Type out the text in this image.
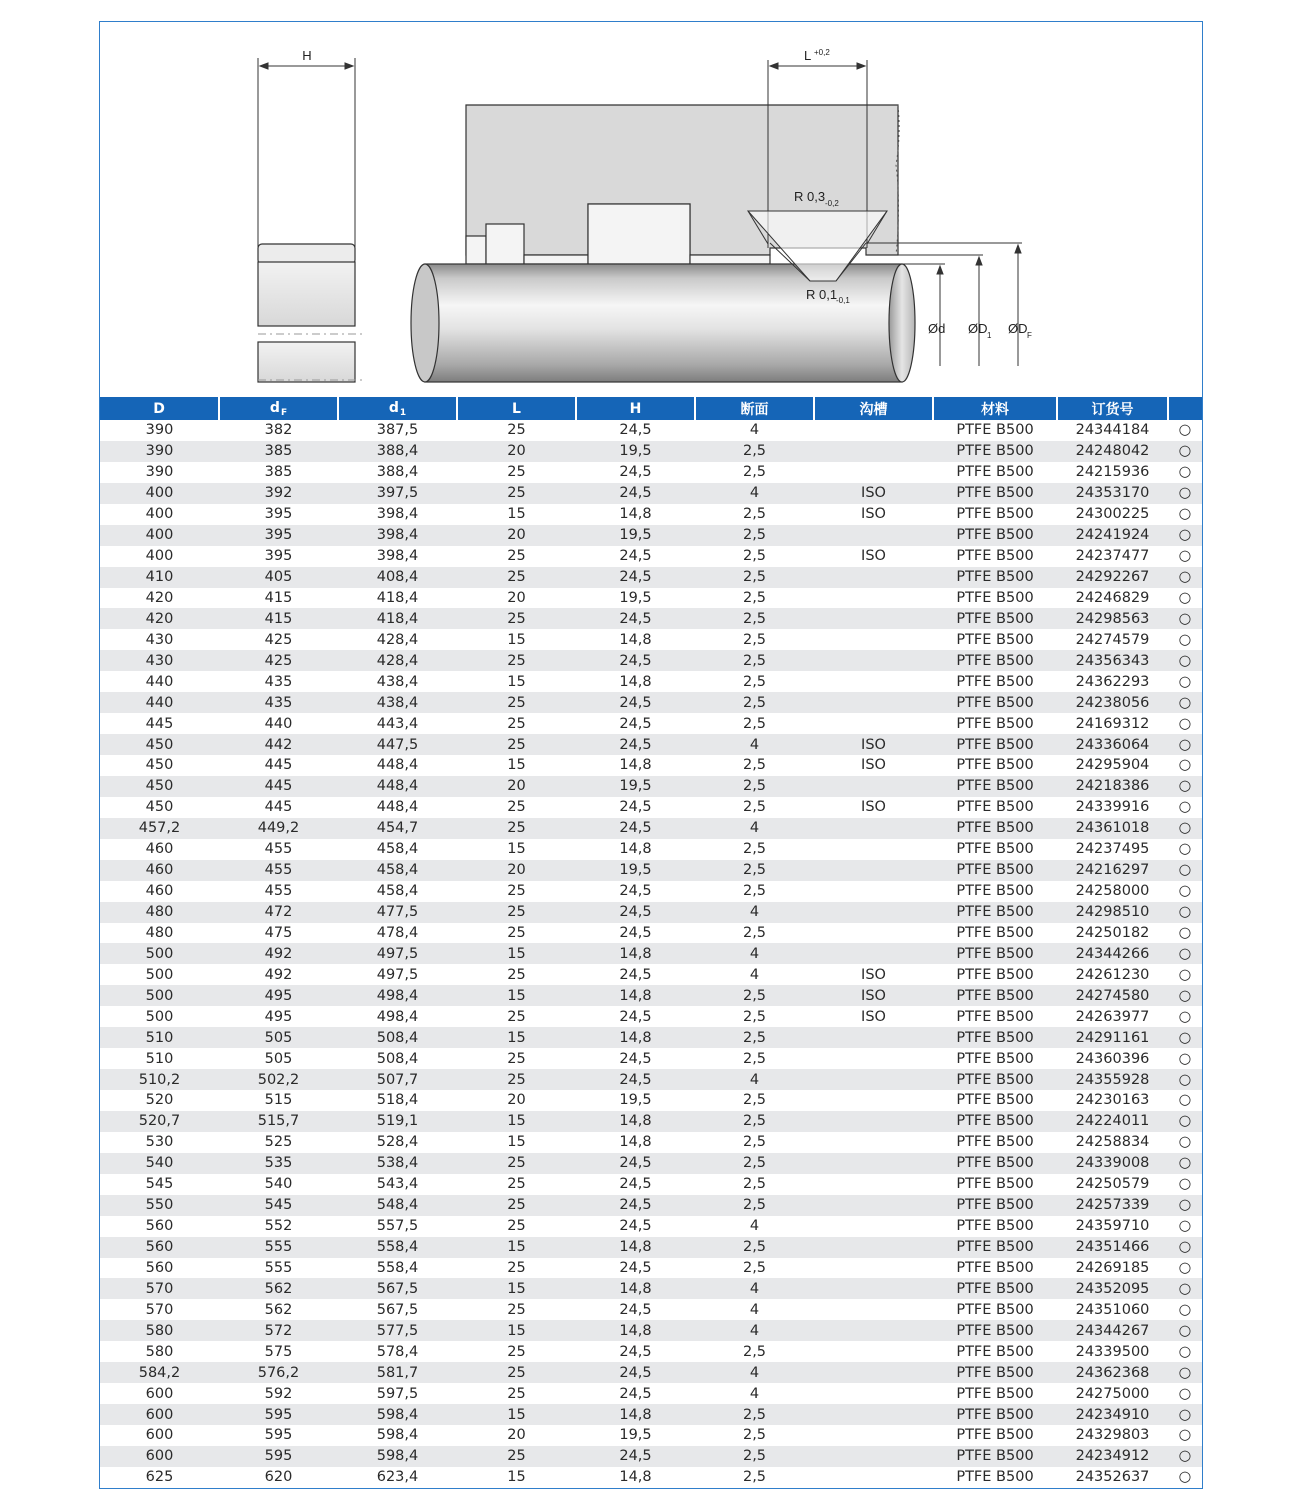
H	L +0,2
R 0,3 -0,2
R 0,1
-0,1
Ød ØD 1 ØD F
D	$d_F$	$d_1$	L	H	断面	沟槽	材料	订货号	
390	382	387,5	25	24,5	4		PTFE B500	24344184	○
390	385	388,4	20	19,5	2,5		PTFE B500	24248042	○
390	385	388,4	25	24,5	2,5		PTFE B500	24215936	○
400	392	397,5	25	24,5	4	ISO	PTFE B500	24353170	○
400	395	398,4	15	14,8	2,5	ISO	PTFE B500	24300225	○
400	395	398,4	20	19,5	2,5		PTFE B500	24241924	○
400	395	398,4	25	24,5	2,5	ISO	PTFE B500	24237477	○
410	405	408,4	25	24,5	2,5		PTFE B500	24292267	○
420	415	418,4	20	19,5	2,5		PTFE B500	24246829	○
420	415	418,4	25	24,5	2,5		PTFE B500	24298563	○
430	425	428,4	15	14,8	2,5		PTFE B500	24274579	○
430	425	428,4	25	24,5	2,5		PTFE B500	24356343	○
440	435	438,4	15	14,8	2,5		PTFE B500	24362293	○
440	435	438,4	25	24,5	2,5		PTFE B500	24238056	○
445	440	443,4	25	24,5	2,5		PTFE B500	24169312	○
450	442	447,5	25	24,5	4	ISO	PTFE B500	24336064	○
450	445	448,4	15	14,8	2,5	ISO	PTFE B500	24295904	○
450	445	448,4	20	19,5	2,5		PTFE B500	24218386	○
450	445	448,4	25	24,5	2,5	ISO	PTFE B500	24339916	○
457,2	449,2	454,7	25	24,5	4		PTFE B500	24361018	○
460	455	458,4	15	14,8	2,5		PTFE B500	24237495	○
460	455	458,4	20	19,5	2,5		PTFE B500	24216297	○
460	455	458,4	25	24,5	2,5		PTFE B500	24258000	○
480	472	477,5	25	24,5	4		PTFE B500	24298510	○
480	475	478,4	25	24,5	2,5		PTFE B500	24250182	○
500	492	497,5	15	14,8	4		PTFE B500	24344266	○
500	492	497,5	25	24,5	4	ISO	PTFE B500	24261230	○
500	495	498,4	15	14,8	2,5	ISO	PTFE B500	24274580	○
500	495	498,4	25	24,5	2,5	ISO	PTFE B500	24263977	○
510	505	508,4	15	14,8	2,5		PTFE B500	24291161	○
510	505	508,4	25	24,5	2,5		PTFE B500	24360396	○
510,2	502,2	507,7	25	24,5	4		PTFE B500	24355928	○
520	515	518,4	20	19,5	2,5		PTFE B500	24230163	○
520,7	515,7	519,1	15	14,8	2,5		PTFE B500	24224011	○
530	525	528,4	15	14,8	2,5		PTFE B500	24258834	○
540	535	538,4	25	24,5	2,5		PTFE B500	24339008	○
545	540	543,4	25	24,5	2,5		PTFE B500	24250579	○
550	545	548,4	25	24,5	2,5		PTFE B500	24257339	○
560	552	557,5	25	24,5	4		PTFE B500	24359710	○
560	555	558,4	15	14,8	2,5		PTFE B500	24351466	○
560	555	558,4	25	24,5	2,5		PTFE B500	24269185	○
570	562	567,5	15	14,8	4		PTFE B500	24352095	○
570	562	567,5	25	24,5	4		PTFE B500	24351060	○
580	572	577,5	15	14,8	4		PTFE B500	24344267	○
580	575	578,4	25	24,5	2,5		PTFE B500	24339500	○
584,2	576,2	581,7	25	24,5	4		PTFE B500	24362368	○
600	592	597,5	25	24,5	4		PTFE B500	24275000	○
600	595	598,4	15	14,8	2,5		PTFE B500	24234910	○
600	595	598,4	20	19,5	2,5		PTFE B500	24329803	○
600	595	598,4	25	24,5	2,5		PTFE B500	24234912	○
625	620	623,4	15	14,8	2,5		PTFE B500	24352637	○
